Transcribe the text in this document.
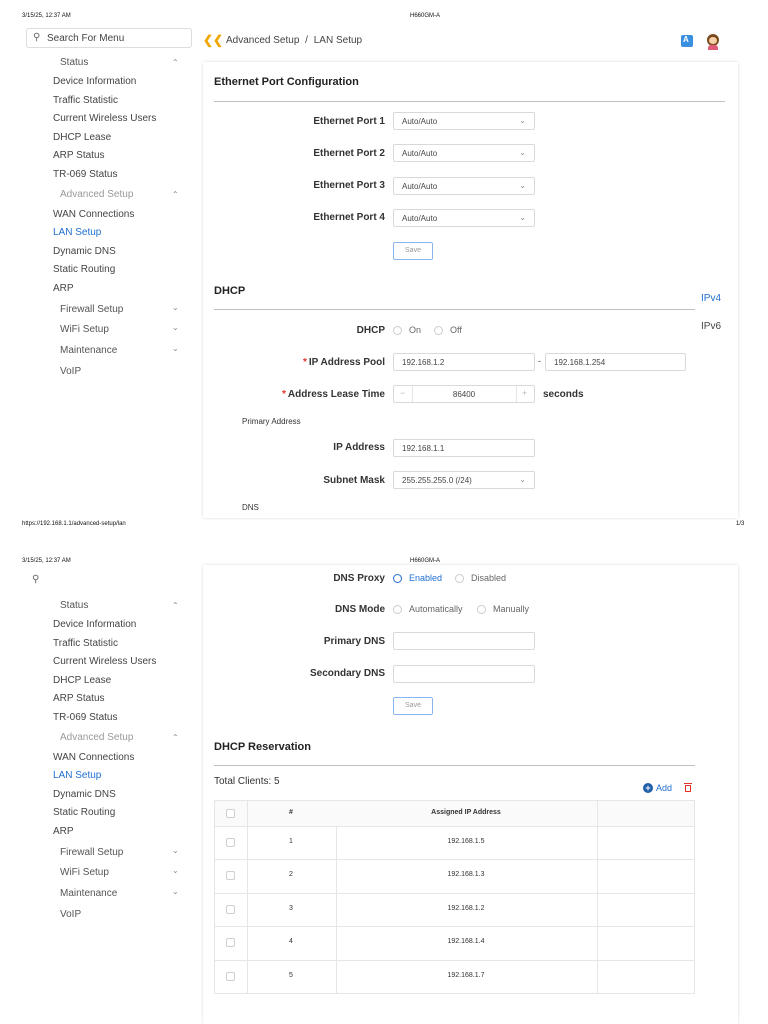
3/15/25, 12:37 AM	H660GM-A
⚲ Search For Menu	❮❮ Advanced Setup / LAN Setup	A
Status	⌃
Device Information
Traffic Statistic
Current Wireless Users
DHCP Lease
ARP Status
TR-069 Status
Advanced Setup	⌃
WAN Connections
LAN Setup
Dynamic DNS
Static Routing
ARP
Firewall Setup	⌄
WiFi Setup	⌄
Maintenance	⌄
VoIP
Ethernet Port Configuration
Ethernet Port 1	Auto/Auto	⌄
Ethernet Port 2	Auto/Auto	⌄
Ethernet Port 3	Auto/Auto	⌄
Ethernet Port 4	Auto/Auto	⌄
Save
DHCP
IPv4
IPv6
DHCP	On	Off
* IP Address Pool	192.168.1.2	-	192.168.1.254
* Address Lease Time −	86400	+ seconds
Primary Address
IP Address	192.168.1.1
Subnet Mask	255.255.255.0 (/24)	⌄
DNS
https://192.168.1.1/advanced-setup/lan	1/3
3/15/25, 12:37 AM	H660GM-A
⚲
Status	⌃
Device Information
Traffic Statistic
Current Wireless Users
DHCP Lease
ARP Status
TR-069 Status
Advanced Setup	⌃
WAN Connections
LAN Setup
Dynamic DNS
Static Routing
ARP
Firewall Setup	⌄
WiFi Setup	⌄
Maintenance	⌄
VoIP
DNS Proxy	Enabled	Disabled
DNS Mode	Automatically	Manually
Primary DNS
Secondary DNS
Save
DHCP Reservation
Total Clients: 5
+ Add
#	Assigned IP Address
1	192.168.1.5
2	192.168.1.3
3	192.168.1.2
4	192.168.1.4
5	192.168.1.7
